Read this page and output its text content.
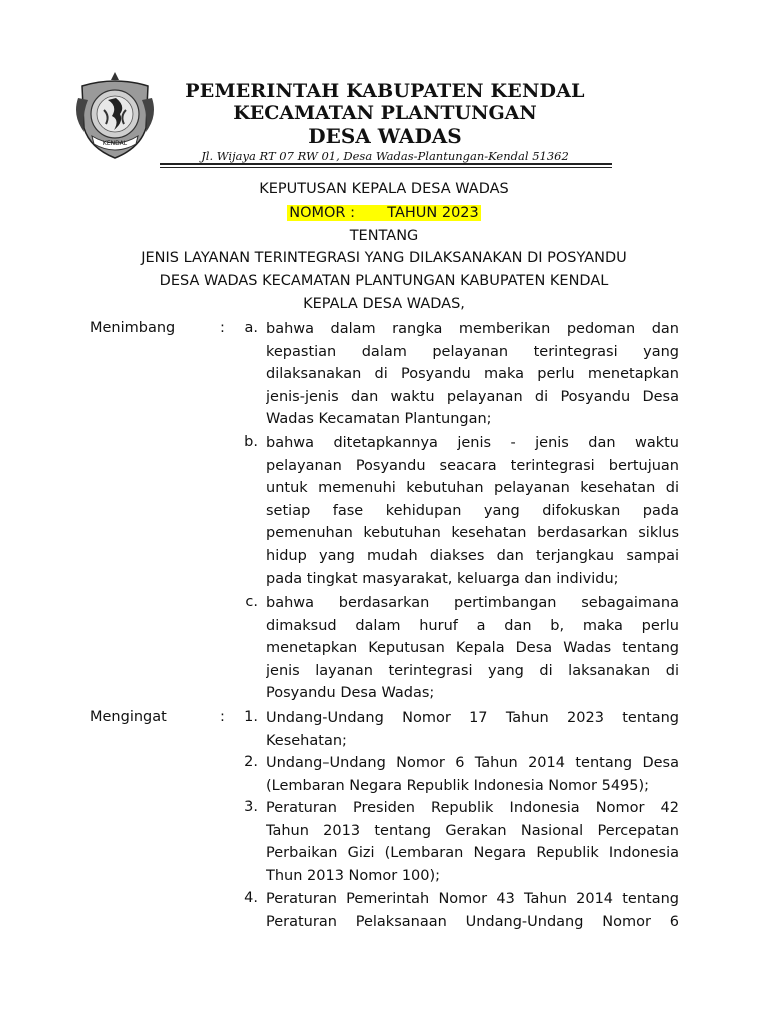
KENDAL
PEMERINTAH KABUPATEN KENDAL
KECAMATAN PLANTUNGAN
DESA WADAS
Jl. Wijaya RT 07 RW 01, Desa Wadas-Plantungan-Kendal 51362
KEPUTUSAN KEPALA DESA WADAS
NOMOR :       TAHUN 2023
TENTANG
JENIS LAYANAN TERINTEGRASI YANG DILAKSANAKAN DI POSYANDU
DESA WADAS KECAMATAN PLANTUNGAN KABUPATEN KENDAL
KEPALA DESA WADAS,
Menimbang	:	a. bahwa dalam rangka memberikan pedoman dan
kepastian dalam pelayanan terintegrasi yang
dilaksanakan di Posyandu maka perlu menetapkan
jenis-jenis dan waktu pelayanan di Posyandu Desa
Wadas Kecamatan Plantungan;
b. bahwa ditetapkannya jenis - jenis dan waktu
pelayanan Posyandu seacara terintegrasi bertujuan
untuk memenuhi kebutuhan pelayanan kesehatan di
setiap fase kehidupan yang difokuskan pada
pemenuhan kebutuhan kesehatan berdasarkan siklus
hidup yang mudah diakses dan terjangkau sampai
pada tingkat masyarakat, keluarga dan individu;
c. bahwa berdasarkan pertimbangan sebagaimana
dimaksud dalam huruf a dan b, maka perlu
menetapkan Keputusan Kepala Desa Wadas tentang
jenis layanan terintegrasi yang di laksanakan di
Posyandu Desa Wadas;
Mengingat	:	1. Undang-Undang Nomor 17 Tahun 2023 tentang
Kesehatan;
2. Undang–Undang Nomor 6 Tahun 2014 tentang Desa
(Lembaran Negara Republik Indonesia Nomor 5495);
3. Peraturan Presiden Republik Indonesia Nomor 42
Tahun 2013 tentang Gerakan Nasional Percepatan
Perbaikan Gizi (Lembaran Negara Republik Indonesia
Thun 2013 Nomor 100);
4. Peraturan Pemerintah Nomor 43 Tahun 2014 tentang
Peraturan Pelaksanaan Undang-Undang Nomor 6
